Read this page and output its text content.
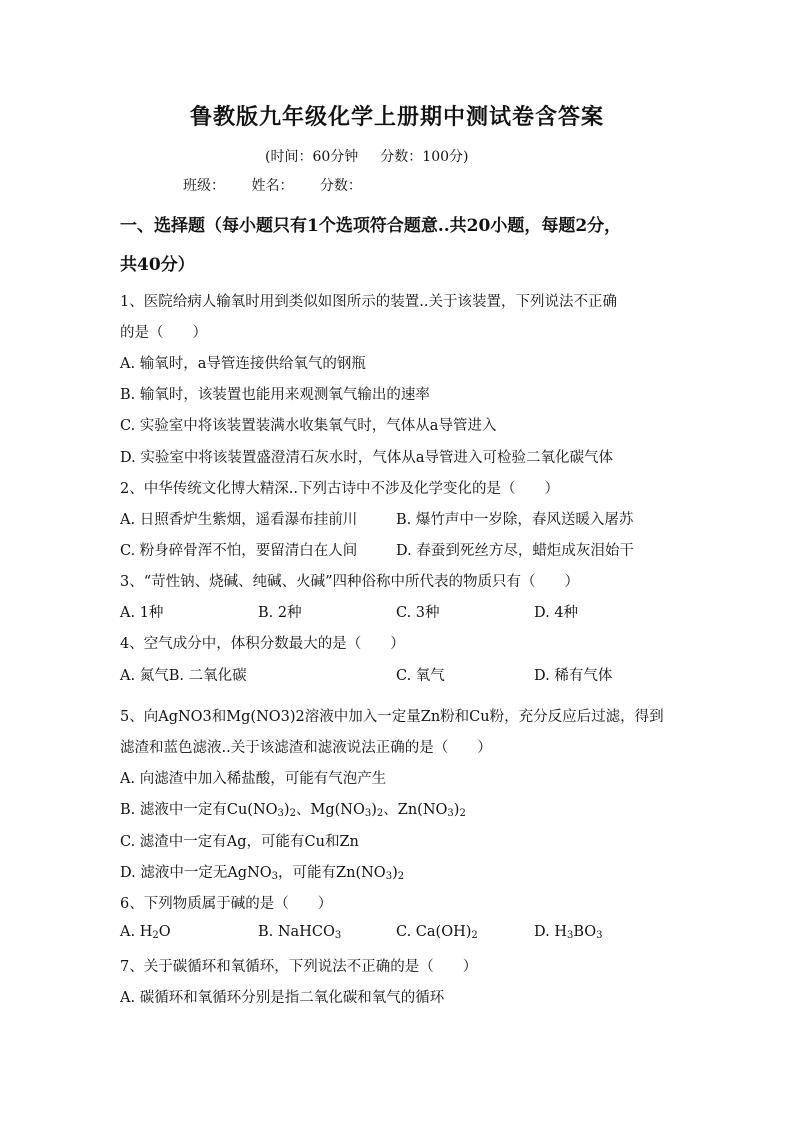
鲁教版九年级化学上册期中测试卷含答案
(时间：60分钟 分数：100分)
班级： 姓名： 分数：
一、选择题（每小题只有1个选项符合题意..共20小题，每题2分，
共40分）
1、医院给病人输氧时用到类似如图所示的装置..关于该装置，下列说法不正确
的是（　　）
A. 输氧时，a导管连接供给氧气的钢瓶
B. 输氧时，该装置也能用来观测氧气输出的速率
C. 实验室中将该装置装满水收集氧气时，气体从a导管进入
D. 实验室中将该装置盛澄清石灰水时，气体从a导管进入可检验二氧化碳气体
2、中华传统文化博大精深..下列古诗中不涉及化学变化的是（　　）
A. 日照香炉生紫烟，遥看瀑布挂前川	B. 爆竹声中一岁除，春风送暖入屠苏
C. 粉身碎骨浑不怕，要留清白在人间	D. 春蚕到死丝方尽，蜡炬成灰泪始干
3、“苛性钠、烧碱、纯碱、火碱”四种俗称中所代表的物质只有（　　）
A. 1种	B. 2种	C. 3种	D. 4种
4、空气成分中，体积分数最大的是（　　）
A. 氮气B. 二氧化碳	C. 氧气	D. 稀有气体
5、向AgNO3和Mg(NO3)2溶液中加入一定量Zn粉和Cu粉，充分反应后过滤，得到
滤渣和蓝色滤液..关于该滤渣和滤液说法正确的是（　　）
A. 向滤渣中加入稀盐酸，可能有气泡产生
B. 滤液中一定有$Cu(NO_3)_2$、$Mg(NO_3)_2$、$Zn(NO_3)_2$
C. 滤渣中一定有Ag，可能有Cu和Zn
D. 滤液中一定无AgNO$_3$，可能有$Zn(NO_3)_2$
6、下列物质属于碱的是（　　）
A. $H_2O$	B. NaHCO$_3$	C. $Ca(OH)_2$	D. $H_3BO_3$
7、关于碳循环和氧循环，下列说法不正确的是（　　）
A. 碳循环和氧循环分别是指二氧化碳和氧气的循环
